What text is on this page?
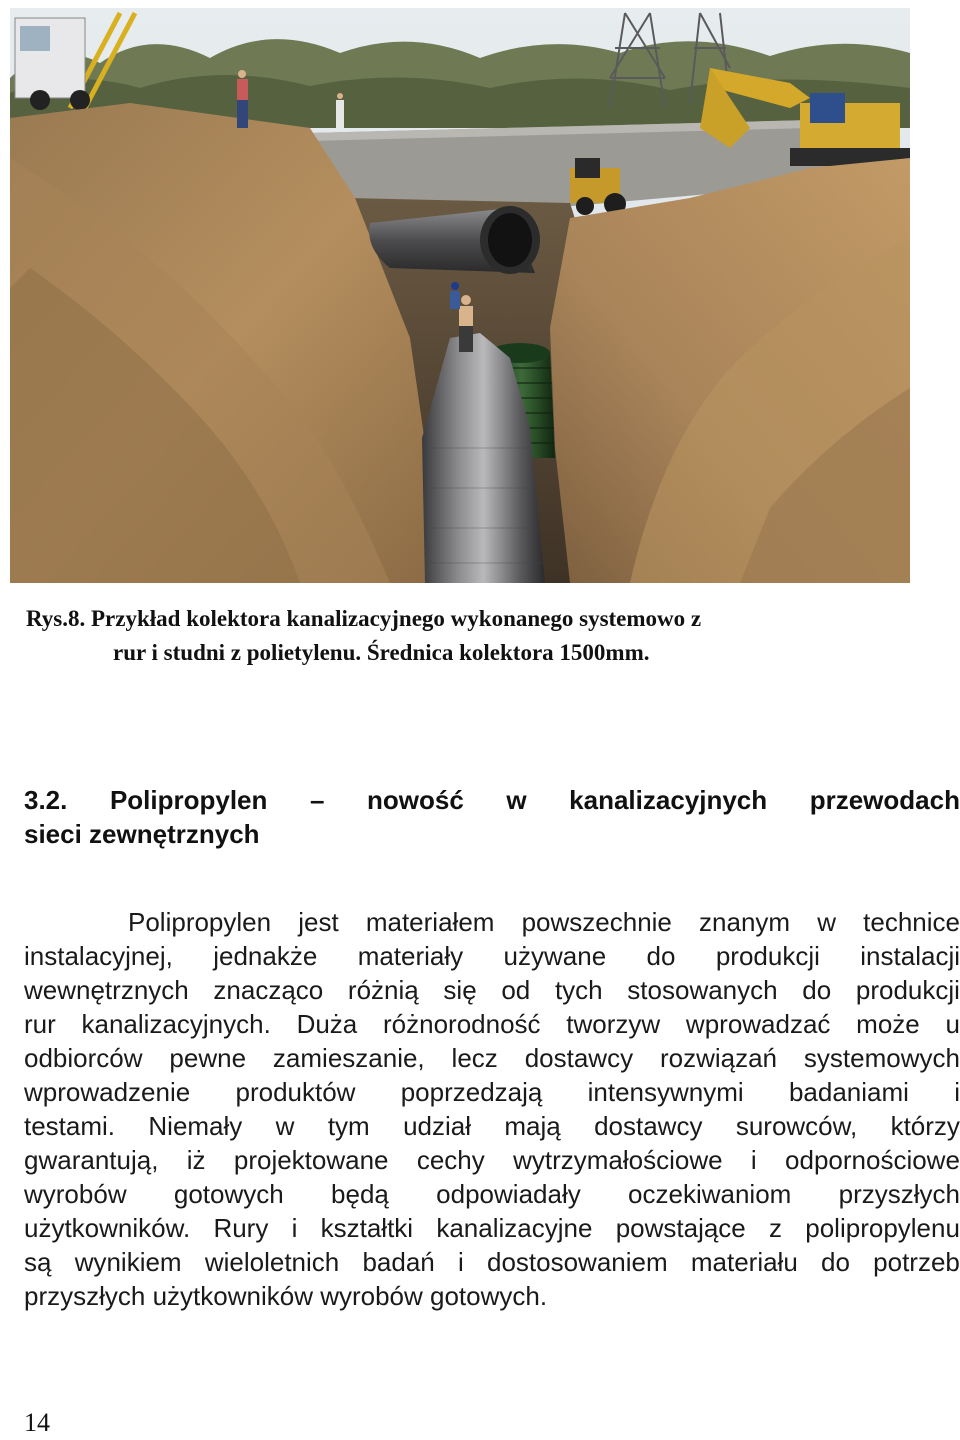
Rys.8. Przykład kolektora kanalizacyjnego wykonanego systemowo z
rur i studni z polietylenu. Średnica kolektora 1500mm.
3.2. Polipropylen – nowość w kanalizacyjnych przewodach
sieci zewnętrznych
Polipropylen jest materiałem powszechnie znanym w technice
instalacyjnej, jednakże materiały używane do produkcji instalacji
wewnętrznych znacząco różnią się od tych stosowanych do produkcji
rur kanalizacyjnych. Duża różnorodność tworzyw wprowadzać może u
odbiorców pewne zamieszanie, lecz dostawcy rozwiązań systemowych
wprowadzenie produktów poprzedzają intensywnymi badaniami i
testami. Niemały w tym udział mają dostawcy surowców, którzy
gwarantują, iż projektowane cechy wytrzymałościowe i odpornościowe
wyrobów gotowych będą odpowiadały oczekiwaniom przyszłych
użytkowników. Rury i kształtki kanalizacyjne powstające z polipropylenu
są wynikiem wieloletnich badań i dostosowaniem materiału do potrzeb
przyszłych użytkowników wyrobów gotowych.
14
